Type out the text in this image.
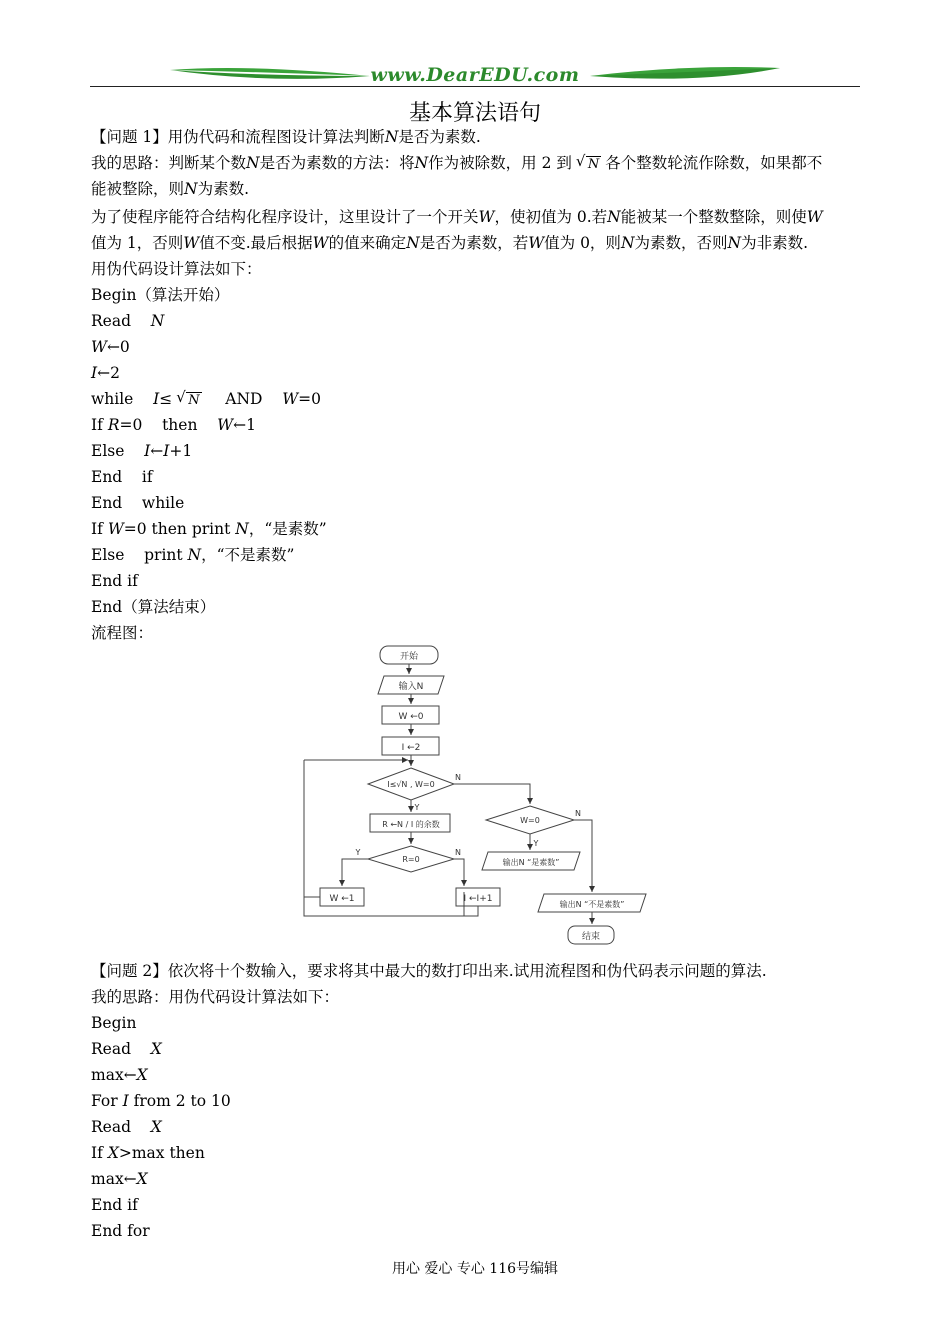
www.DearEDU.com
基本算法语句
【问题 1】用伪代码和流程图设计算法判断N是否为素数.
我的思路：判断某个数N是否为素数的方法：将N作为被除数，用 2 到 √ N 各个整数轮流作除数，如果都不
能被整除，则N为素数.
为了使程序能符合结构化程序设计，这里设计了一个开关W，使初值为 0.若N能被某一个整数整除，则使W
值为 1，否则W值不变.最后根据W的值来确定N是否为素数，若W值为 0，则N为素数，否则N为非素数.
用伪代码设计算法如下：
Begin（算法开始）
Read N
W←0
I←2
while I≤ √ N AND W=0
If R=0 then W←1
Else I←I+1
End    if
End    while
If W=0 then print N，“是素数”
Else    print N，“不是素数”
End if
End（算法结束）
流程图：
开始
输入N
W ←0
I ←2
I≤√N , W=0
R ←N / I 的余数
R=0
W ←1	I ←I+1
W=0
输出N “是素数”
输出N “不是素数”
结束
Y
N
Y	N
Y
N
【问题 2】依次将十个数输入，要求将其中最大的数打印出来.试用流程图和伪代码表示问题的算法.
我的思路：用伪代码设计算法如下：
Begin
Read X
max←X
For I from 2 to 10
Read X
If X>max then
max←X
End if
End for
用心 爱心 专心 116号编辑
